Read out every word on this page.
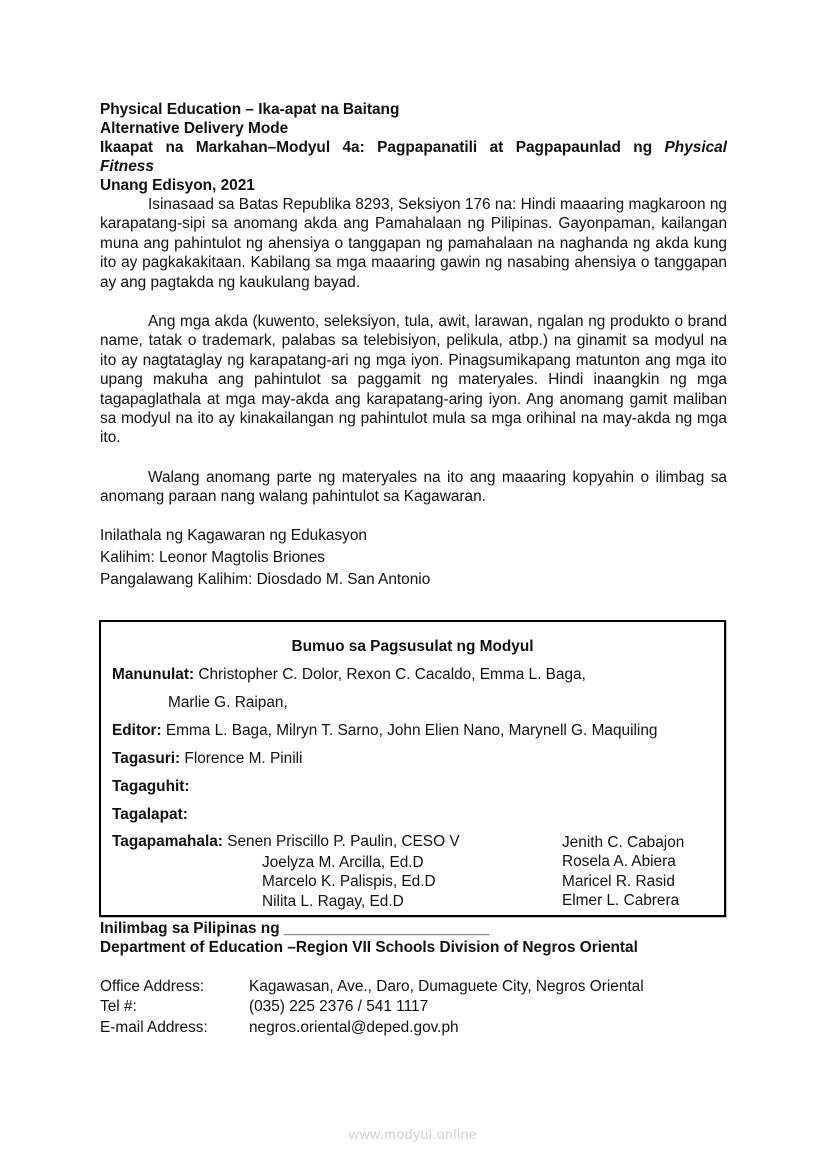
Physical Education – Ika-apat na Baitang

Alternative Delivery Mode

Ikaapat na Markahan–Modyul 4a: Pagpapanatili at Pagpapaunlad ng Physical

Fitness

Unang Edisyon, 2021

Isinasaad sa Batas Republika 8293, Seksiyon 176 na: Hindi maaaring magkaroon ng karapatang-sipi sa anomang akda ang Pamahalaan ng Pilipinas. Gayonpaman, kailangan muna ang pahintulot ng ahensiya o tanggapan ng pamahalaan na naghanda ng akda kung ito ay pagkakakitaan. Kabilang sa mga maaaring gawin ng nasabing ahensiya o tanggapan ay ang pagtakda ng kaukulang bayad.

Ang mga akda (kuwento, seleksiyon, tula, awit, larawan, ngalan ng produkto o brand name, tatak o trademark, palabas sa telebisiyon, pelikula, atbp.) na ginamit sa modyul na ito ay nagtataglay ng karapatang-ari ng mga iyon. Pinagsumikapang matunton ang mga ito upang makuha ang pahintulot sa paggamit ng materyales. Hindi inaangkin ng mga tagapaglathala at mga may-akda ang karapatang-aring iyon. Ang anomang gamit maliban sa modyul na ito ay kinakailangan ng pahintulot mula sa mga orihinal na may-akda ng mga ito.

Walang anomang parte ng materyales na ito ang maaaring kopyahin o ilimbag sa anomang paraan nang walang pahintulot sa Kagawaran.

Inilathala ng Kagawaran ng Edukasyon
Kalihim: Leonor Magtolis Briones
Pangalawang Kalihim: Diosdado M. San Antonio
Bumuo sa Pagsusulat ng Modyul
Manunulat: Christopher C. Dolor, Rexon C. Cacaldo, Emma L. Baga,
Marlie G. Raipan,
Editor: Emma L. Baga, Milryn T. Sarno, John Elien Nano, Marynell G. Maquiling
Tagasuri: Florence M. Pinili
Tagaguhit:
Tagalapat:
Tagapamahala: Senen Priscillo P. Paulin, CESO V
Joelyza M. Arcilla, Ed.D
Marcelo K. Palispis, Ed.D
Nilita L. Ragay, Ed.D
Jenith C. Cabajon
Rosela A. Abiera
Maricel R. Rasid
Elmer L. Cabrera
Inilimbag sa Pilipinas ng ________________________
Department of Education –Region VII Schools Division of Negros Oriental
Office Address:	Kagawasan, Ave., Daro, Dumaguete City, Negros Oriental
Tel #:	(035) 225 2376 / 541 1117
E-mail Address:	negros.oriental@deped.gov.ph
www.modyul.online
